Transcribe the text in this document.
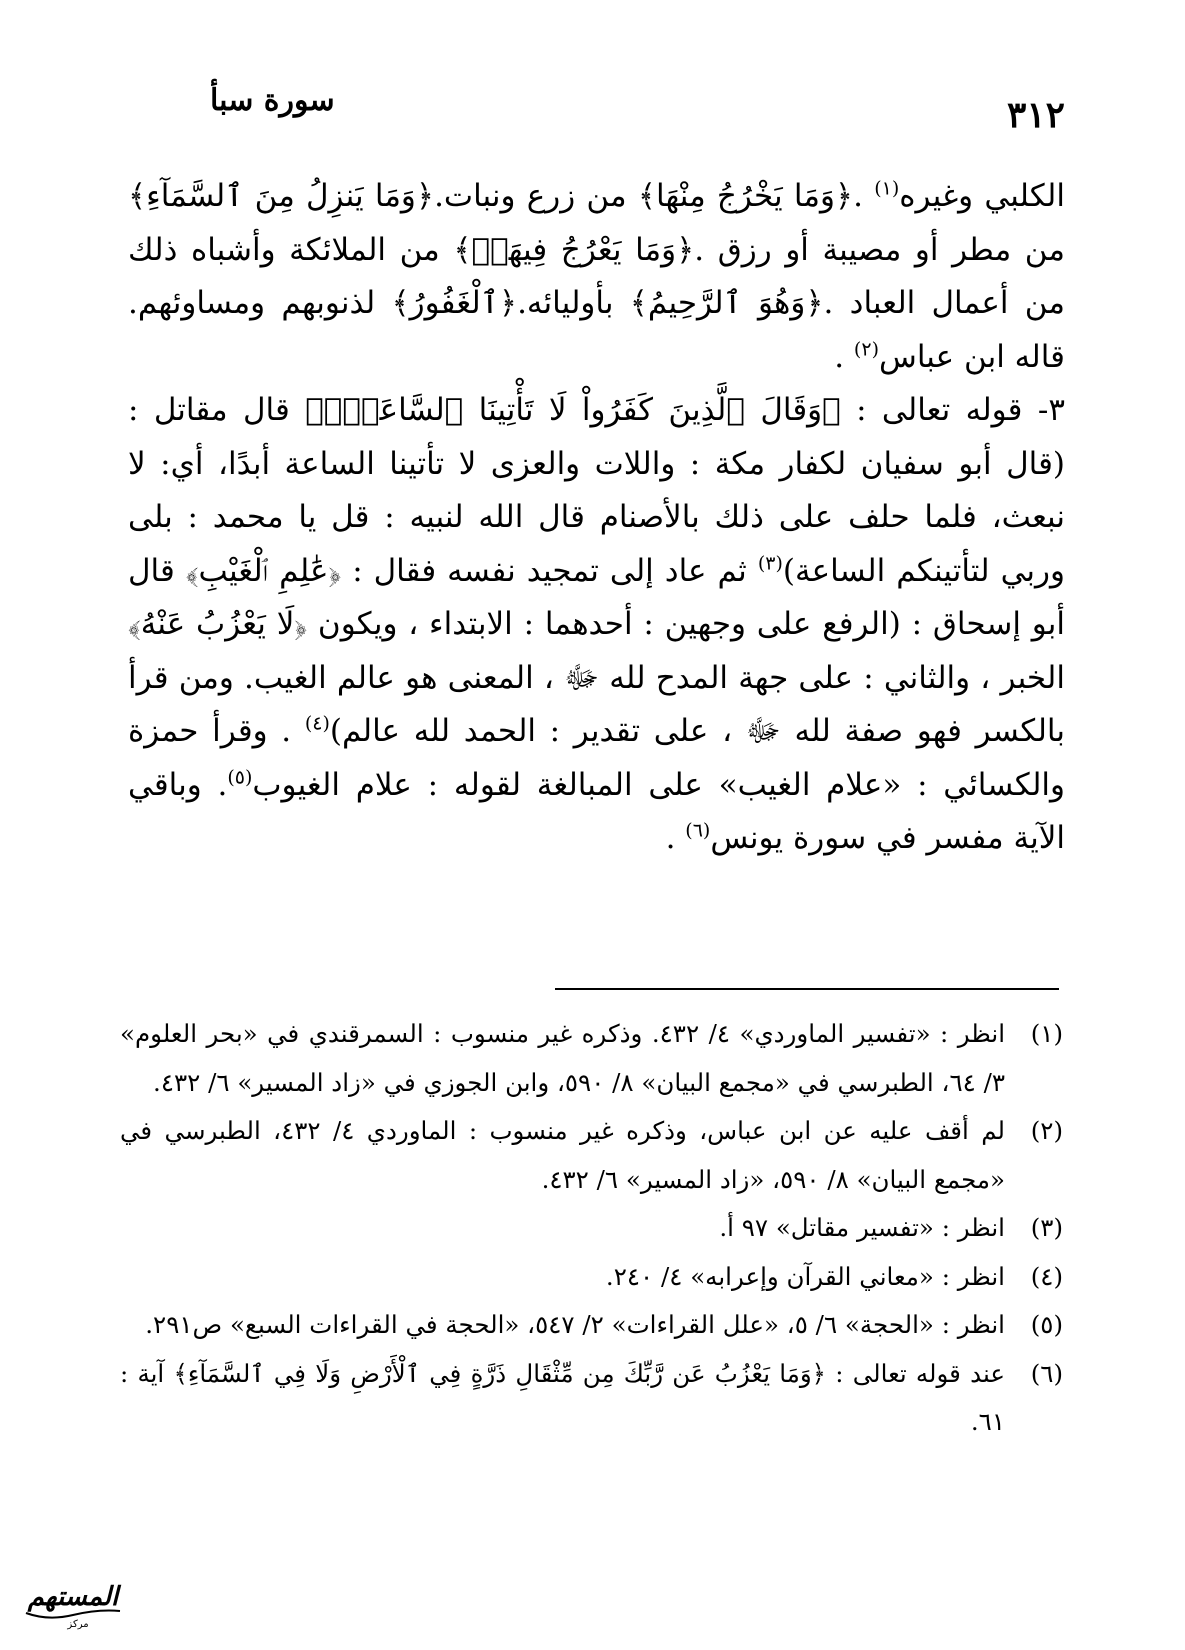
٣١٢
سورة سبأ

الكلبي وغيره$^{(١)}$ .﴿وَمَا يَخْرُجُ مِنْهَا﴾ من زرع ونبات.﴿وَمَا يَنزِلُ مِنَ ٱلسَّمَآءِ﴾ من مطر أو مصيبة أو رزق .﴿وَمَا يَعْرُجُ فِيهَاۚ﴾ من الملائكة وأشباه ذلك من أعمال العباد .﴿وَهُوَ ٱلرَّحِيمُ﴾ بأوليائه.﴿ٱلْغَفُورُ﴾ لذنوبهم ومساوئهم. قاله ابن عباس$^{(٢)}$ .

٣- قوله تعالى : ﴿وَقَالَ ٱلَّذِينَ كَفَرُواْ لَا تَأْتِينَا ٱلسَّاعَةُۖ﴾ قال مقاتل : (قال أبو سفيان لكفار مكة : واللات والعزى لا تأتينا الساعة أبدًا، أي: لا نبعث، فلما حلف على ذلك بالأصنام قال الله لنبيه : قل يا محمد : بلى وربي لتأتينكم الساعة)$^{(٣)}$ ثم عاد إلى تمجيد نفسه فقال : ﴿عَٰلِمِ ٱلْغَيْبِ﴾ قال أبو إسحاق : (الرفع على وجهين : أحدهما : الابتداء ، ويكون ﴿لَا يَعْزُبُ عَنْهُ﴾ الخبر ، والثاني : على جهة المدح لله ﷻ ، المعنى هو عالم الغيب. ومن قرأ بالكسر فهو صفة لله ﷻ ، على تقدير : الحمد لله عالم)$^{(٤)}$ . وقرأ حمزة والكسائي : «علام الغيب» على المبالغة لقوله : علام الغيوب$^{(٥)}$. وباقي الآية مفسر في سورة يونس$^{(٦)}$ .

(١)
انظر : «تفسير الماوردي» ٤/ ٤٣٢. وذكره غير منسوب : السمرقندي في «بحر العلوم» ٣/ ٦٤، الطبرسي في «مجمع البيان» ٨/ ٥٩٠، وابن الجوزي في «زاد المسير» ٦/ ٤٣٢.

(٢)
لم أقف عليه عن ابن عباس، وذكره غير منسوب : الماوردي ٤/ ٤٣٢، الطبرسي في «مجمع البيان» ٨/ ٥٩٠، «زاد المسير» ٦/ ٤٣٢.

(٣)
انظر : «تفسير مقاتل» ٩٧ أ.

(٤)
انظر : «معاني القرآن وإعرابه» ٤/ ٢٤٠.

(٥)
انظر : «الحجة» ٦/ ٥، «علل القراءات» ٢/ ٥٤٧، «الحجة في القراءات السبع» ص٢٩١.

(٦)
عند قوله تعالى : ﴿وَمَا يَعْزُبُ عَن رَّبِّكَ مِن مِّثْقَالِ ذَرَّةٍ فِي ٱلْأَرْضِ وَلَا فِي ٱلسَّمَآءِ﴾ آية : ٦١.

المستهم
مركز
